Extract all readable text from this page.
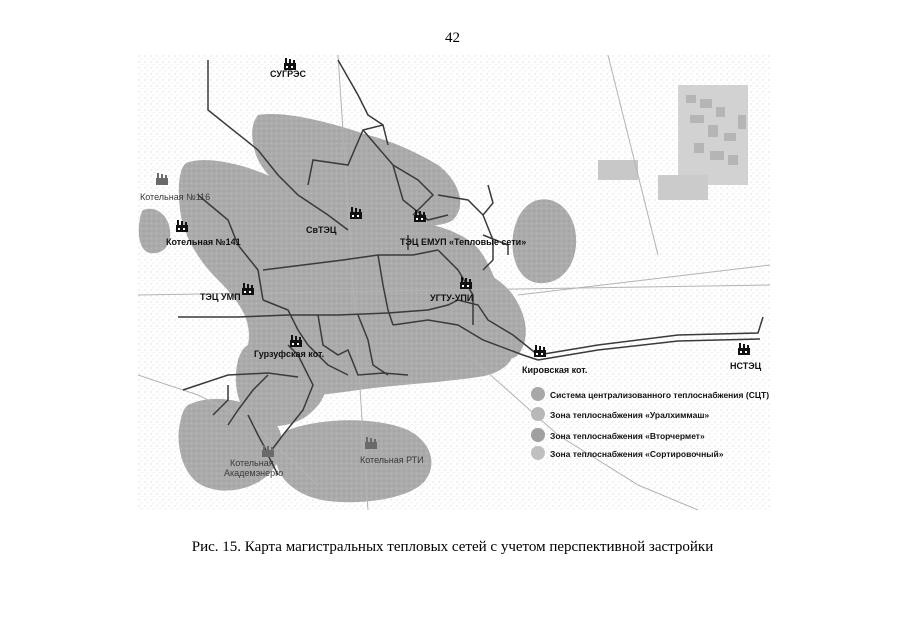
42
СУГРЭС
Котельная №116
Котельная №141
СвТЭЦ
ТЭЦ ЕМУП «Тепловые сети»
ТЭЦ УМП	УГТУ-УПИ
Гурзуфская кот.
Кировская кот.	НСТЭЦ
Котельная
Академэнерго
Котельная РТИ
Система централизованного теплоснабжения (СЦТ)
Зона теплоснабжения «Уралхиммаш»
Зона теплоснабжения «Вторчермет»
Зона теплоснабжения «Сортировочный»
Рис. 15. Карта магистральных тепловых сетей с учетом перспективной застройки
